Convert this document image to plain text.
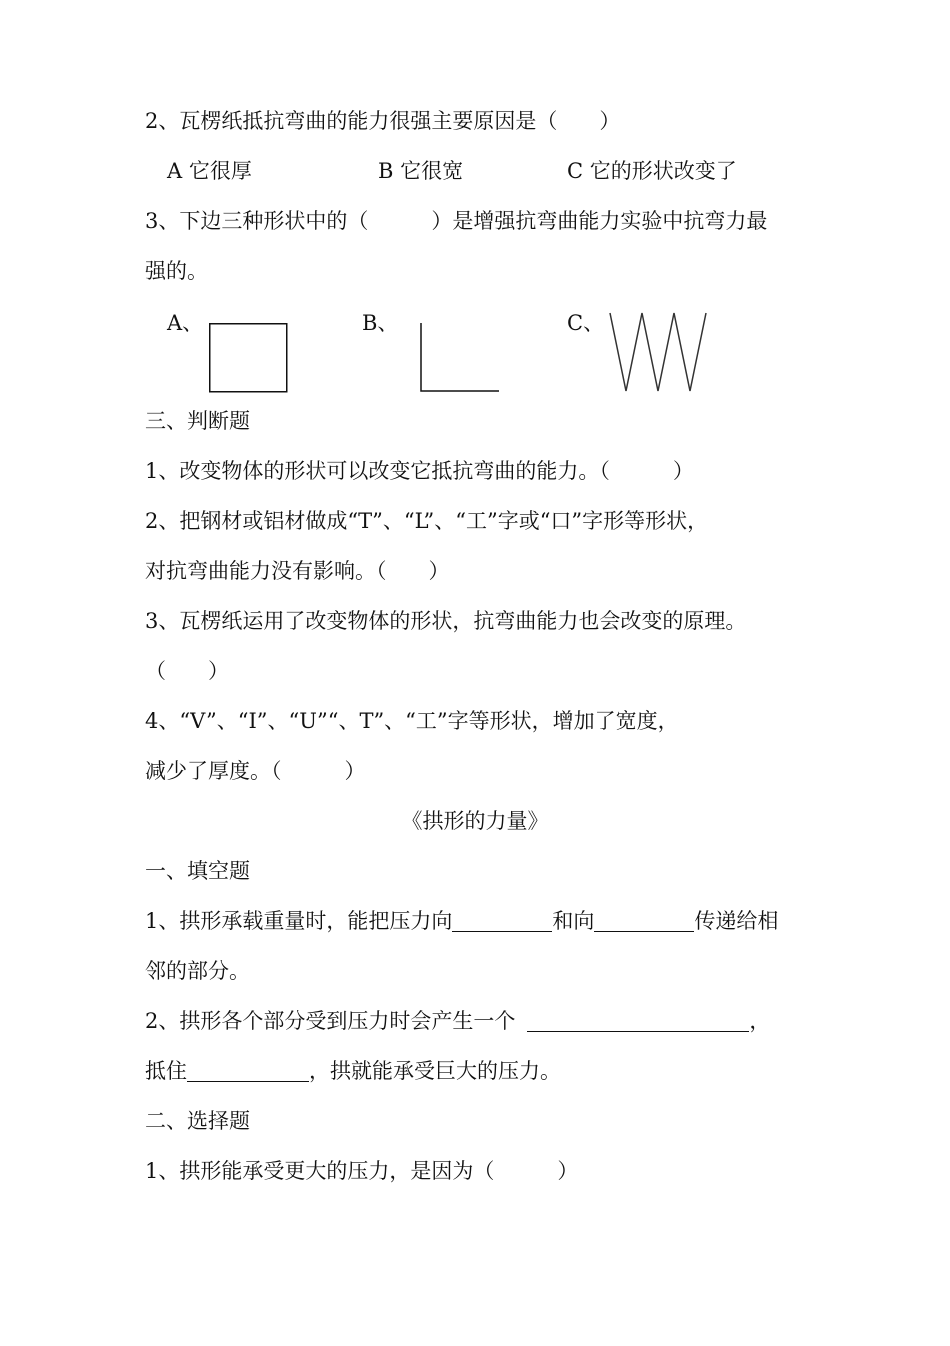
2、瓦楞纸抵抗弯曲的能力很强主要原因是（　　）
A 它很厚	B 它很宽	C 它的形状改变了
3、下边三种形状中的（　　　）是增强抗弯曲能力实验中抗弯力最
强的。
A、	B、	C、
三、判断题
1、改变物体的形状可以改变它抵抗弯曲的能力。（　　　）
2、把钢材或铝材做成“T”、“L”、“工”字或“口”字形等形状，
对抗弯曲能力没有影响。（　　）
3、瓦楞纸运用了改变物体的形状，抗弯曲能力也会改变的原理。
（　　）
4、“V”、“I”、“U”“、T”、“工”字等形状，增加了宽度，
减少了厚度。（　　　）
《拱形的力量》
一、填空题
1、拱形承载重量时，能把压力向	和向	传递给相
邻的部分。
2、拱形各个部分受到压力时会产生一个	，
抵住	，拱就能承受巨大的压力。
二、选择题
1、拱形能承受更大的压力，是因为（　　　）
